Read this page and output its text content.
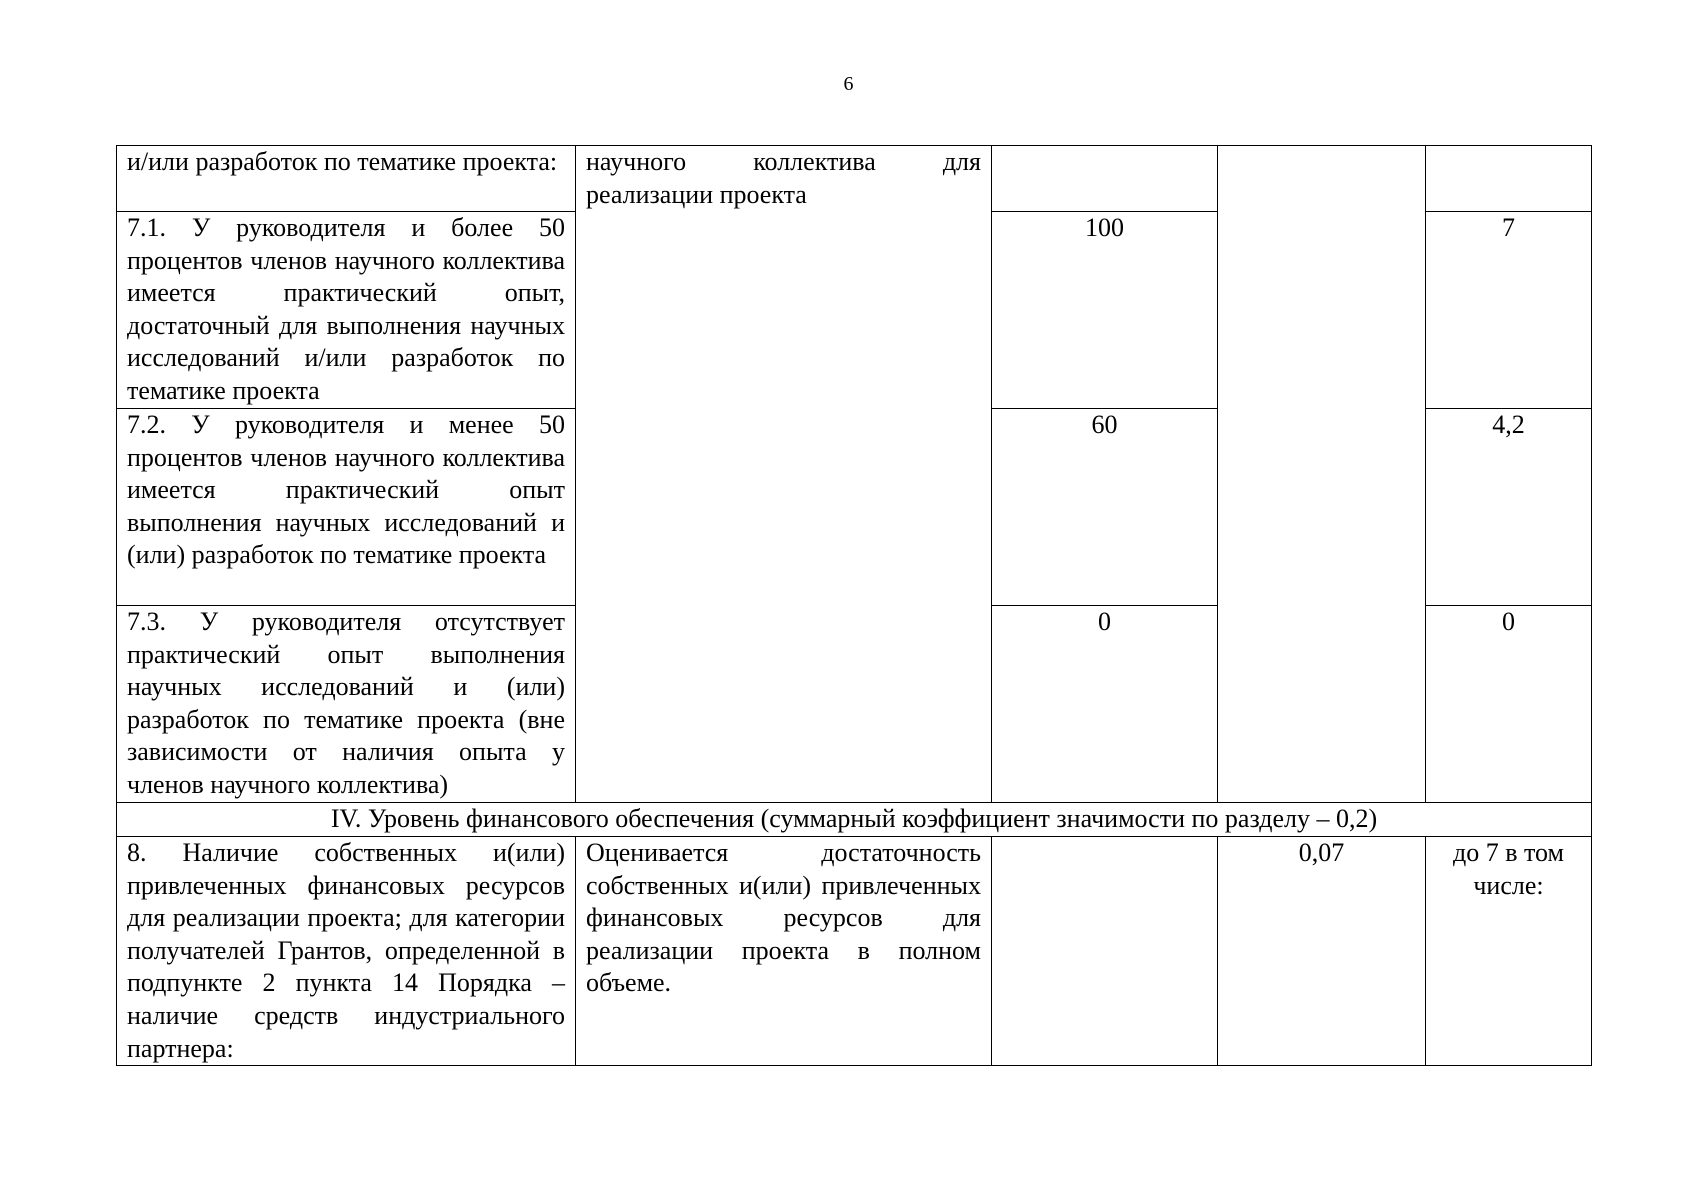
6
и/или разработок по тематике проекта:	научного коллектива для реализации проекта			
7.1. У руководителя и более 50 процентов членов научного коллектива имеется практический опыт, достаточный для выполнения научных исследований и/или разработок по тематике проекта		100		7
7.2. У руководителя и менее 50 процентов членов научного коллектива имеется практический опыт выполнения научных исследований и (или) разработок по тематике проекта		60		4,2
7.3. У руководителя отсутствует практический опыт выполнения научных исследований и (или) разработок по тематике проекта (вне зависимости от наличия опыта у членов научного коллектива)		0		0
IV. Уровень финансового обеспечения (суммарный коэффициент значимости по разделу – 0,2)				
8. Наличие собственных и(или) привлеченных финансовых ресурсов для реализации проекта; для категории получателей Грантов, определенной в подпункте 2 пункта 14 Порядка – наличие средств индустриального партнера:	Оценивается достаточность собственных и(или) привлеченных финансовых ресурсов для реализации проекта в полном объеме.		0,07	до 7 в том числе:
